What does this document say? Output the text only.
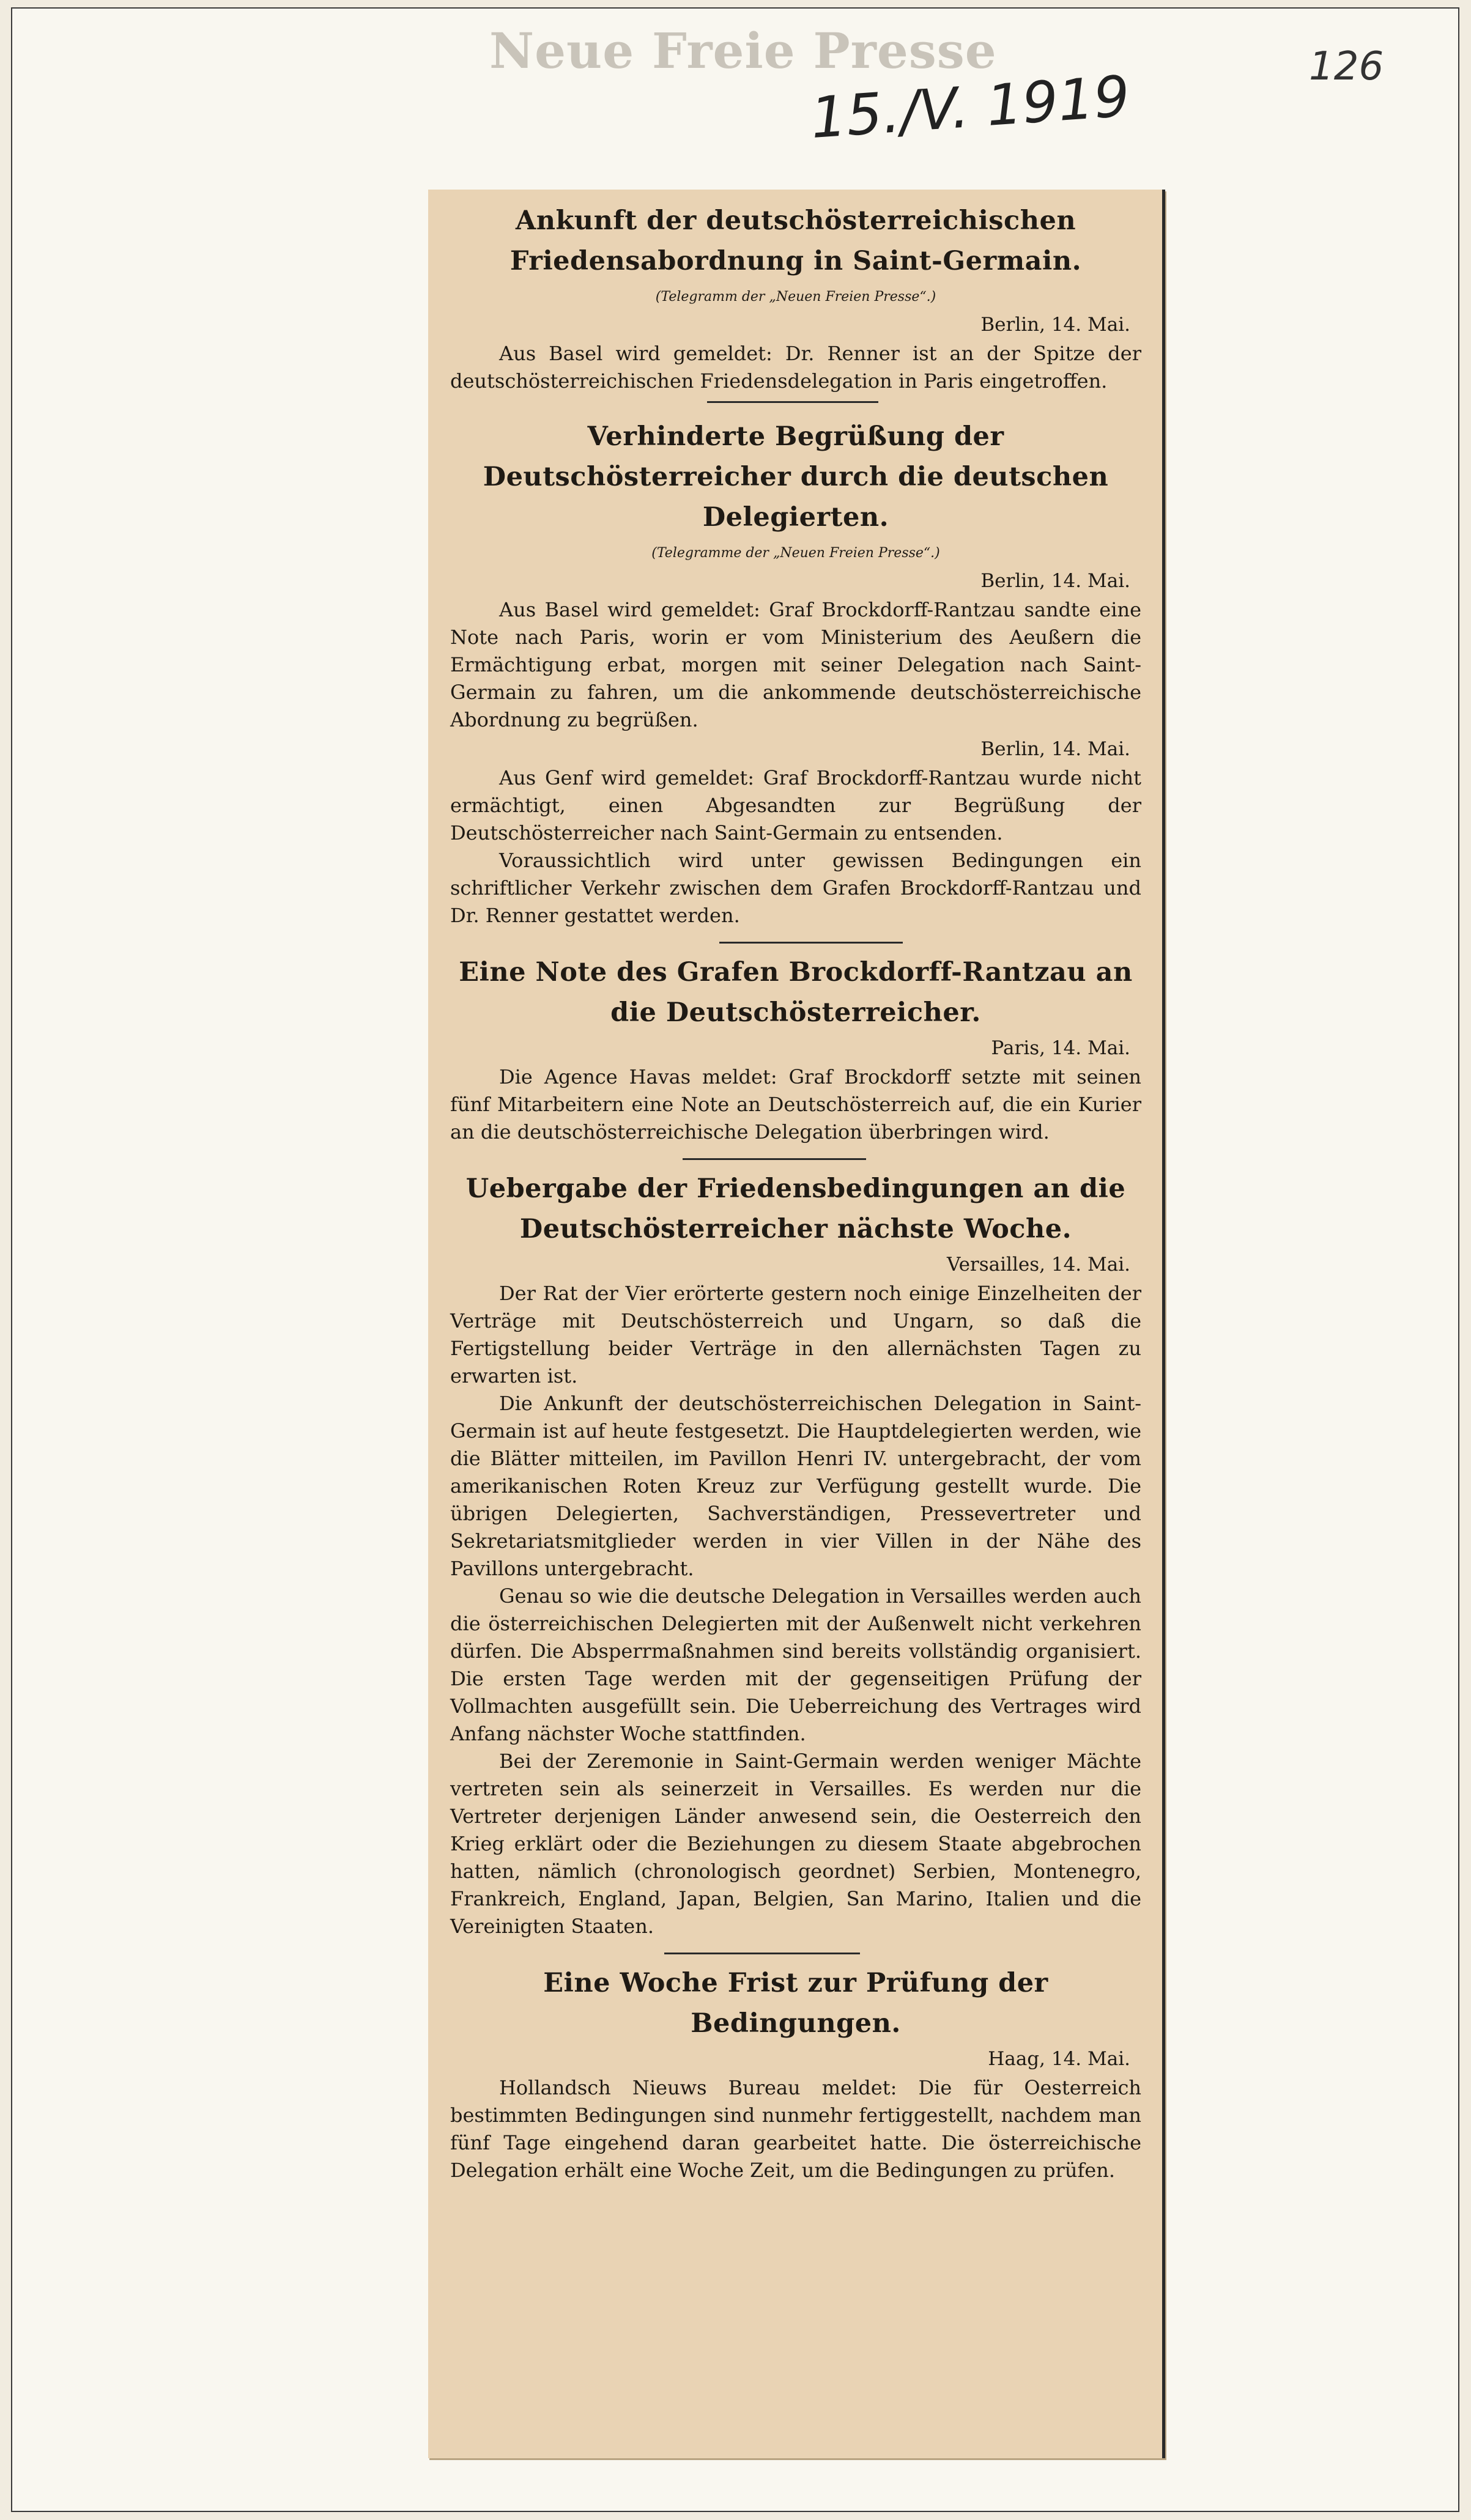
Neue Freie Presse
15./V. 1919	126
Ankunft der deutschösterreichischen Friedensabordnung in Saint-Germain.
(Telegramm der „Neuen Freien Presse“.)
Berlin, 14. Mai.

Aus Basel wird gemeldet: Dr. Renner ist an der Spitze der deutschösterreichischen Friedensdelegation in Paris eingetroffen.

Verhinderte Begrüßung der Deutschösterreicher durch die deutschen Delegierten.
(Telegramme der „Neuen Freien Presse“.)
Berlin, 14. Mai.

Aus Basel wird gemeldet: Graf Brockdorff-Rantzau sandte eine Note nach Paris, worin er vom Ministerium des Aeußern die Ermächtigung erbat, morgen mit seiner Delegation nach Saint-Germain zu fahren, um die ankommende deutschösterreichische Abordnung zu begrüßen.

Berlin, 14. Mai.

Aus Genf wird gemeldet: Graf Brockdorff-Rantzau wurde nicht ermächtigt, einen Abgesandten zur Begrüßung der Deutschösterreicher nach Saint-Germain zu entsenden.

Voraussichtlich wird unter gewissen Bedingungen ein schriftlicher Verkehr zwischen dem Grafen Brockdorff-Rantzau und Dr. Renner gestattet werden.

Eine Note des Grafen Brockdorff-Rantzau an die Deutschösterreicher.
Paris, 14. Mai.

Die Agence Havas meldet: Graf Brockdorff setzte mit seinen fünf Mitarbeitern eine Note an Deutschösterreich auf, die ein Kurier an die deutschösterreichische Delegation überbringen wird.

Uebergabe der Friedensbedingungen an die Deutschösterreicher nächste Woche.
Versailles, 14. Mai.

Der Rat der Vier erörterte gestern noch einige Einzelheiten der Verträge mit Deutschösterreich und Ungarn, so daß die Fertigstellung beider Verträge in den allernächsten Tagen zu erwarten ist.

Die Ankunft der deutschösterreichischen Delegation in Saint-Germain ist auf heute festgesetzt. Die Hauptdelegierten werden, wie die Blätter mitteilen, im Pavillon Henri IV. untergebracht, der vom amerikanischen Roten Kreuz zur Verfügung gestellt wurde. Die übrigen Delegierten, Sachverständigen, Pressevertreter und Sekretariatsmitglieder werden in vier Villen in der Nähe des Pavillons untergebracht.

Genau so wie die deutsche Delegation in Versailles werden auch die österreichischen Delegierten mit der Außenwelt nicht verkehren dürfen. Die Absperrmaßnahmen sind bereits vollständig organisiert. Die ersten Tage werden mit der gegenseitigen Prüfung der Vollmachten ausgefüllt sein. Die Ueberreichung des Vertrages wird Anfang nächster Woche stattfinden.

Bei der Zeremonie in Saint-Germain werden weniger Mächte vertreten sein als seinerzeit in Versailles. Es werden nur die Vertreter derjenigen Länder anwesend sein, die Oesterreich den Krieg erklärt oder die Beziehungen zu diesem Staate abgebrochen hatten, nämlich (chronologisch geordnet) Serbien, Montenegro, Frankreich, England, Japan, Belgien, San Marino, Italien und die Vereinigten Staaten.

Eine Woche Frist zur Prüfung der Bedingungen.
Haag, 14. Mai.

Hollandsch Nieuws Bureau meldet: Die für Oesterreich bestimmten Bedingungen sind nunmehr fertiggestellt, nachdem man fünf Tage eingehend daran gearbeitet hatte. Die österreichische Delegation erhält eine Woche Zeit, um die Bedingungen zu prüfen.
